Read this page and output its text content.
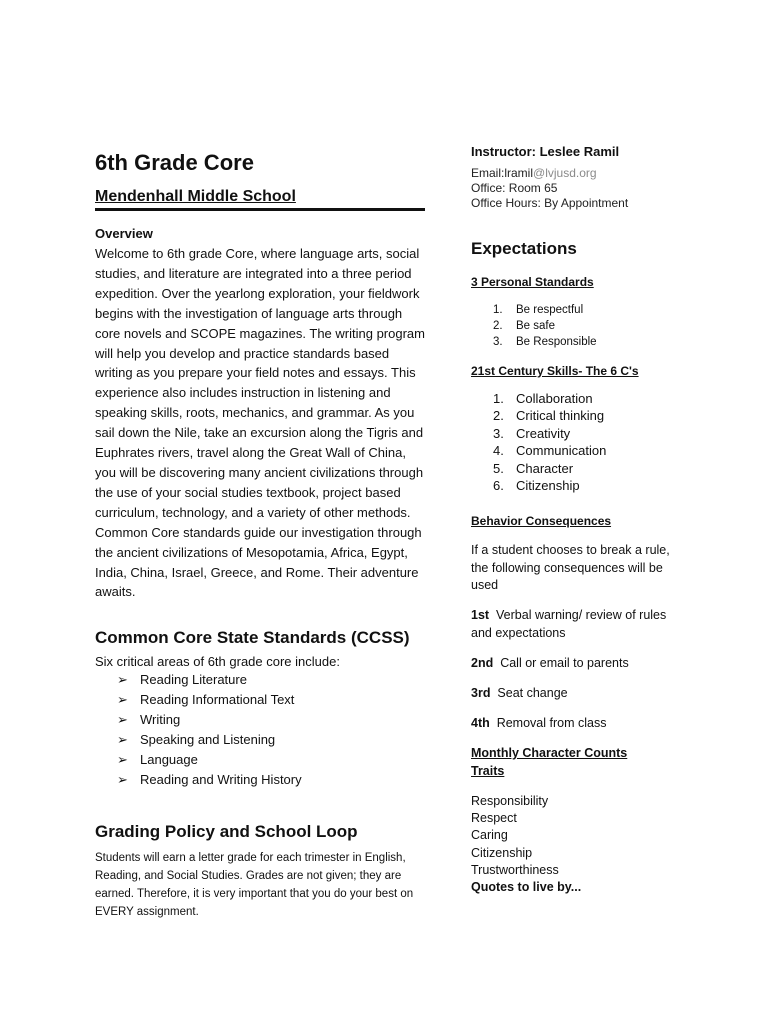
6th Grade Core
Mendenhall Middle School
Overview
Welcome to 6th grade Core, where language arts, social studies, and literature are integrated into a three period expedition. Over the yearlong exploration, your fieldwork begins with the investigation of language arts through core novels and SCOPE magazines. The writing program will help you develop and practice standards based writing as you prepare your field notes and essays. This experience also includes instruction in listening and speaking skills, roots, mechanics, and grammar. As you sail down the Nile, take an excursion along the Tigris and Euphrates rivers, travel along the Great Wall of China, you will be discovering many ancient civilizations through the use of your social studies textbook, project based curriculum, technology, and a variety of other methods. Common Core standards guide our investigation through the ancient civilizations of Mesopotamia, Africa, Egypt, India, China, Israel, Greece, and Rome. Their adventure awaits.
Common Core State Standards (CCSS)
Six critical areas of 6th grade core include:
➢ Reading Literature
➢ Reading Informational Text
➢ Writing
➢ Speaking and Listening
➢ Language
➢ Reading and Writing History
Grading Policy and School Loop
Students will earn a letter grade for each trimester in English, Reading, and Social Studies. Grades are not given; they are earned. Therefore, it is very important that you do your best on EVERY assignment.
Instructor: Leslee Ramil
Email:lramil@lvjusd.org
Office: Room 65
Office Hours: By Appointment
Expectations
3 Personal Standards
1. Be respectful
2. Be safe
3. Be Responsible
21st Century Skills- The 6 C's
1. Collaboration
2. Critical thinking
3. Creativity
4. Communication
5. Character
6. Citizenship
Behavior Consequences
If a student chooses to break a rule, the following consequences will be used
1st Verbal warning/ review of rules and expectations
2nd Call or email to parents
3rd Seat change
4th Removal from class
Monthly Character Counts Traits
Responsibility
Respect
Caring
Citizenship
Trustworthiness
Quotes to live by...
